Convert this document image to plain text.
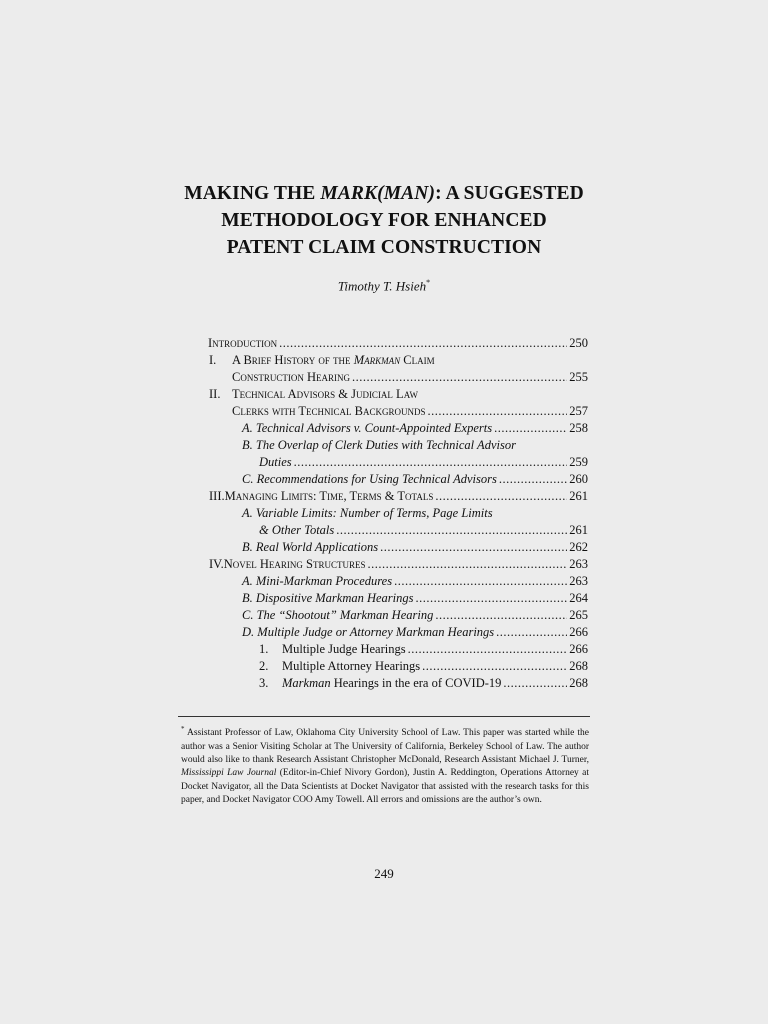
MAKING THE MARK(MAN): A SUGGESTED
METHODOLOGY FOR ENHANCED
PATENT CLAIM CONSTRUCTION
Timothy T. Hsieh*
Introduction .....	250
I. A Brief History of the Markman Claim
Construction Hearing .....	255
II. Technical Advisors & Judicial Law
Clerks with Technical Backgrounds .....	257
A. Technical Advisors v. Count-Appointed Experts .....	258
B. The Overlap of Clerk Duties with Technical Advisor
Duties .....	259
C. Recommendations for Using Technical Advisors .....	260
III.Managing Limits: Time, Terms & Totals .....	261
A. Variable Limits: Number of Terms, Page Limits
& Other Totals .....	261
B. Real World Applications .....	262
IV.Novel Hearing Structures .....	263
A. Mini-Markman Procedures .....	263
B. Dispositive Markman Hearings .....	264
C. The “Shootout” Markman Hearing .....	265
D. Multiple Judge or Attorney Markman Hearings .....	266
1. Multiple Judge Hearings .....	266
2. Multiple Attorney Hearings .....	268
3. Markman Hearings in the era of COVID-19 .....	268
* Assistant Professor of Law, Oklahoma City University School of Law. This paper was started while the author was a Senior Visiting Scholar at The University of California, Berkeley School of Law. The author would also like to thank Research Assistant Christopher McDonald, Research Assistant Michael J. Turner, Mississippi Law Journal (Editor-in-Chief Nivory Gordon), Justin A. Reddington, Operations Attorney at Docket Navigator, all the Data Scientists at Docket Navigator that assisted with the research tasks for this paper, and Docket Navigator COO Amy Towell. All errors and omissions are the author’s own.
249
